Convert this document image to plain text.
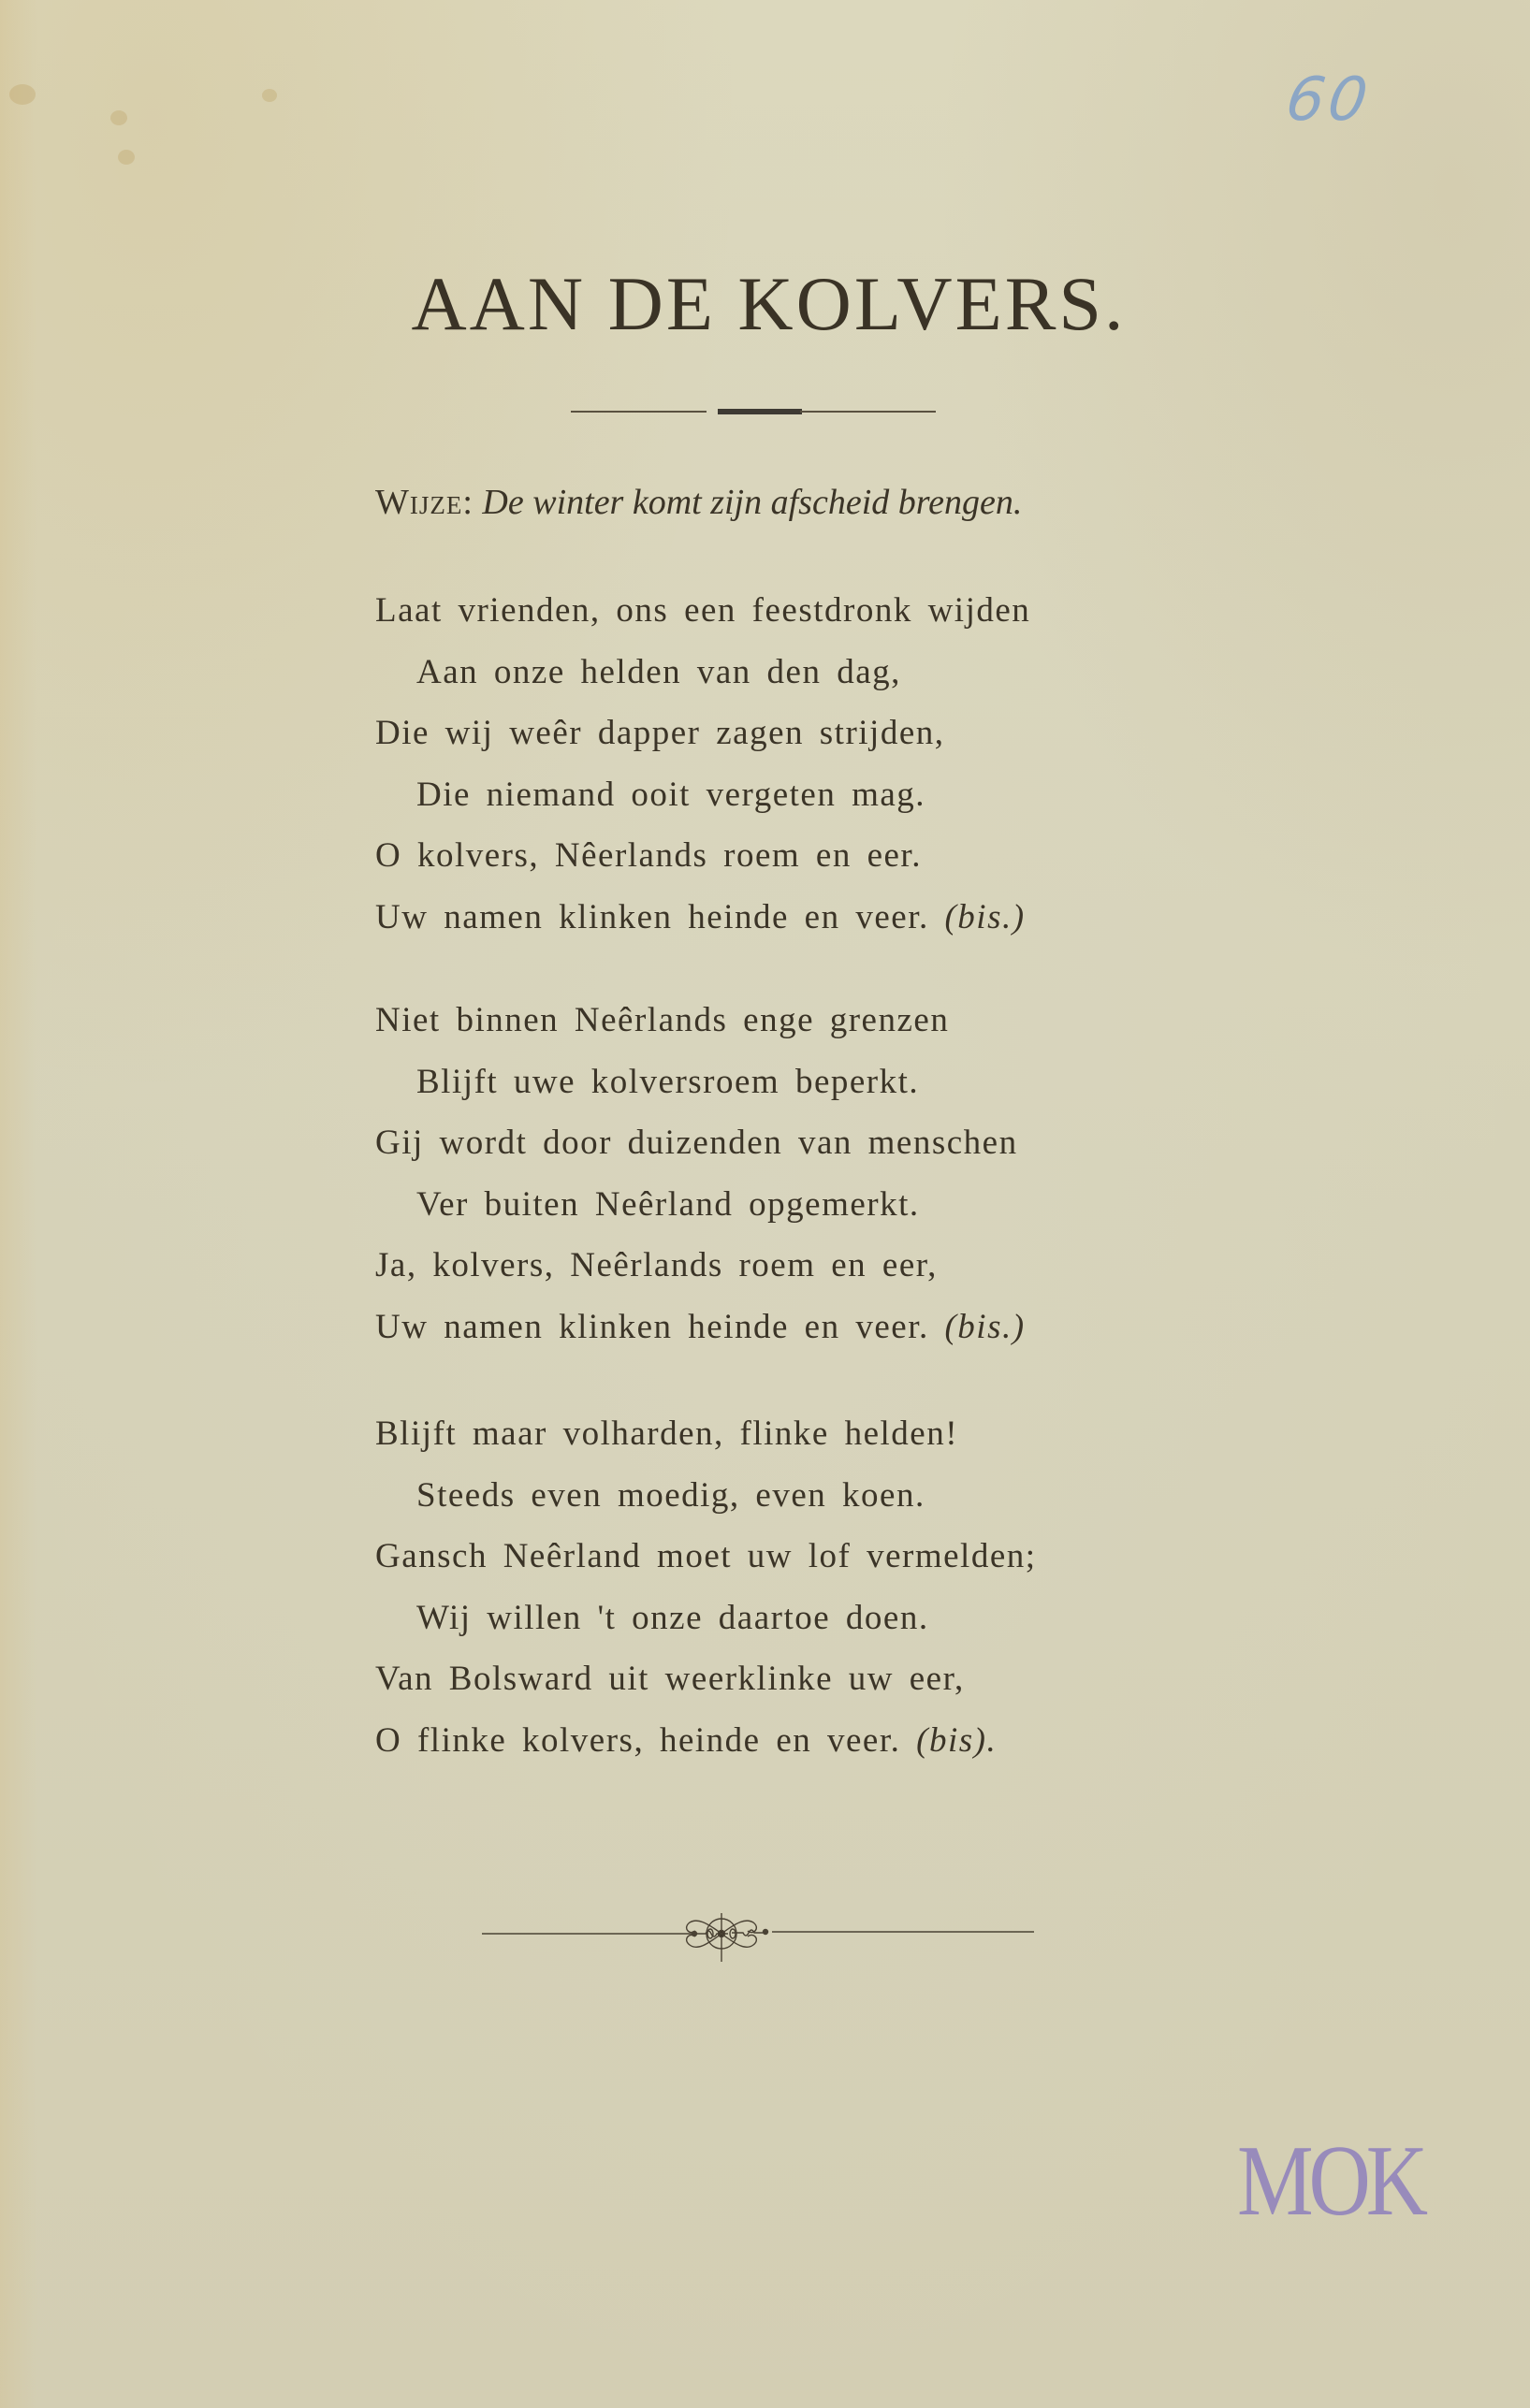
60
AAN DE KOLVERS.
Wijze: De winter komt zijn afscheid brengen.
Laat vrienden, ons een feestdronk wijden
Aan onze helden van den dag,
Die wij weêr dapper zagen strijden,
Die niemand ooit vergeten mag.
O kolvers, Nêerlands roem en eer.
Uw namen klinken heinde en veer. (bis.)
Niet binnen Neêrlands enge grenzen
Blijft uwe kolversroem beperkt.
Gij wordt door duizenden van menschen
Ver buiten Neêrland opgemerkt.
Ja, kolvers, Neêrlands roem en eer,
Uw namen klinken heinde en veer. (bis.)
Blijft maar volharden, flinke helden!
Steeds even moedig, even koen.
Gansch Neêrland moet uw lof vermelden;
Wij willen 't onze daartoe doen.
Van Bolsward uit weerklinke uw eer,
O flinke kolvers, heinde en veer. (bis).
MOK
